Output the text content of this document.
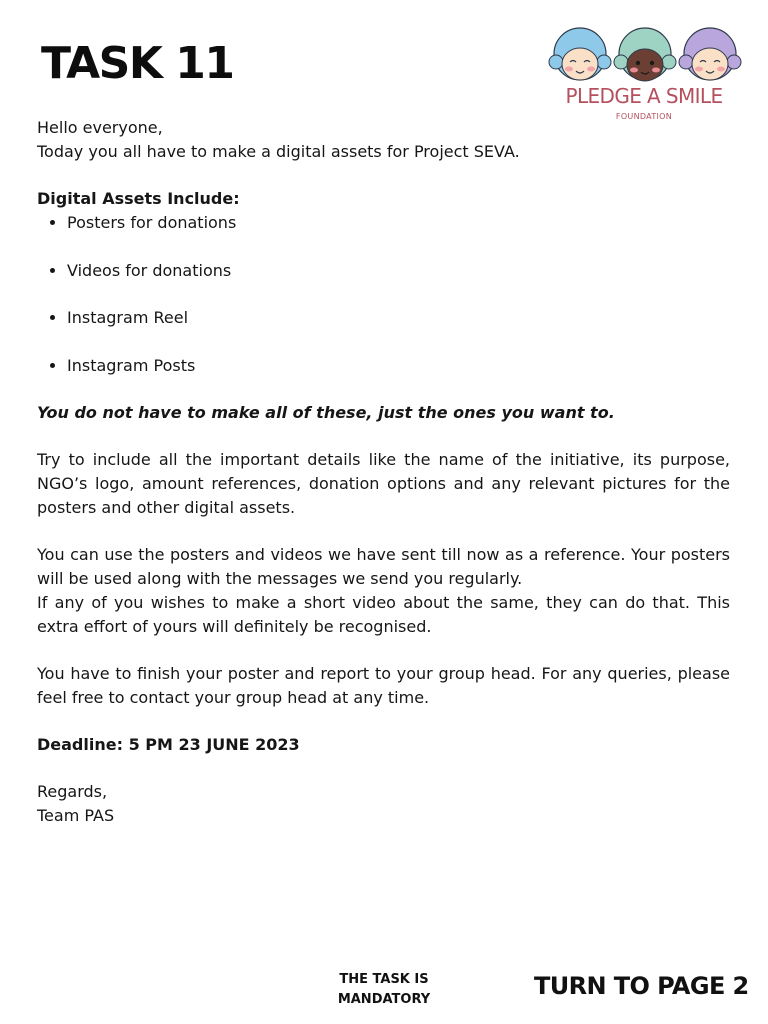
TASK 11
PLEDGE A SMILE
FOUNDATION

Hello everyone,

Today you all have to make a digital assets for Project SEVA.

Digital Assets Include:

• Posters for donations
• Videos for donations
• Instagram Reel
• Instagram Posts

You do not have to make all of these, just the ones you want to.

Try to include all the important details like the name of the initiative, its purpose, NGO’s logo, amount references, donation options and any relevant pictures for the posters and other digital assets.

You can use the posters and videos we have sent till now as a reference. Your posters will be used along with the messages we send you regularly.

If any of you wishes to make a short video about the same, they can do that. This extra effort of yours will definitely be recognised.

You have to finish your poster and report to your group head. For any queries, please feel free to contact your group head at any time.

Deadline: 5 PM 23 JUNE 2023

Regards,

Team PAS

THE TASK IS
MANDATORY	TURN TO PAGE 2
